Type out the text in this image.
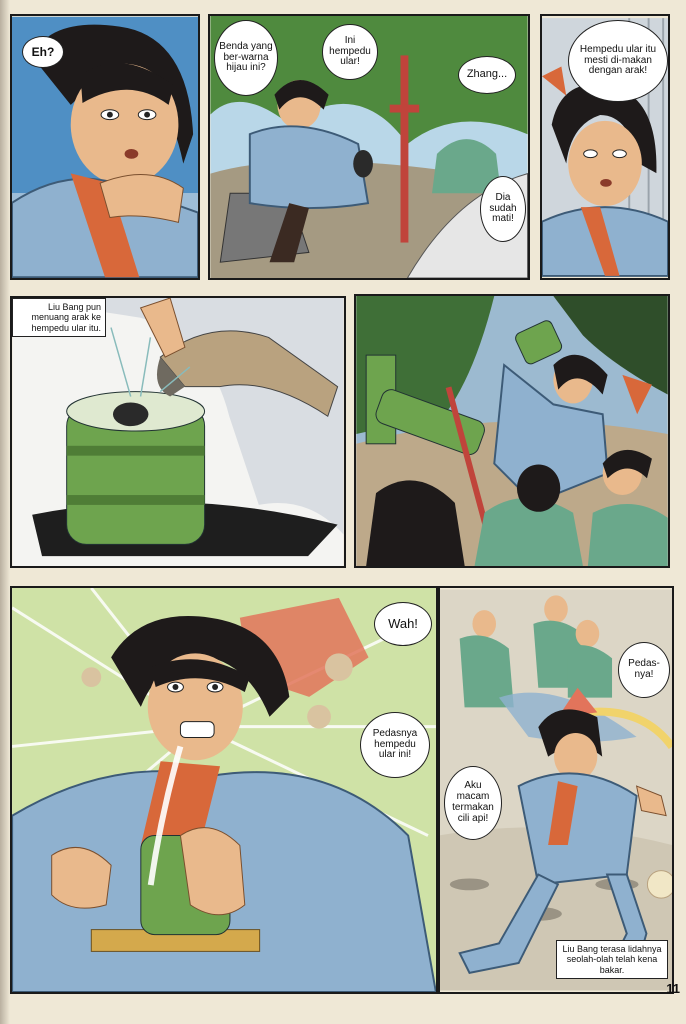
Eh?	Benda yang ber-warna hijau ini?
Ini hempedu ular!
Zhang...
Dia sudah mati!
Hempedu ular itu mesti di-makan dengan arak!
Liu Bang pun menuang arak ke hempedu ular itu.
Wah!
Pedasnya hempedu ular ini!
Pedas-nya!
Aku macam termakan cili api!
Liu Bang terasa lidahnya seolah-olah telah kena bakar.
11
